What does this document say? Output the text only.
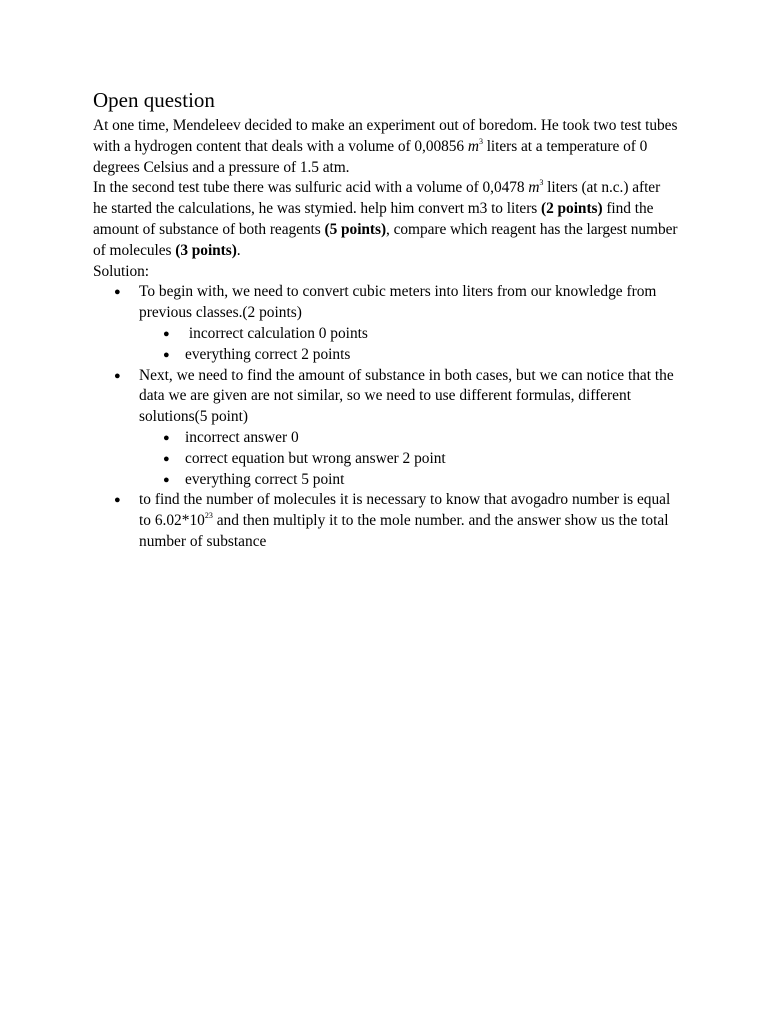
Open question

At one time, Mendeleev decided to make an experiment out of boredom. He took two test tubes with a hydrogen content that deals with a volume of 0,00856 $m^3$ liters at a temperature of 0 degrees Celsius and a pressure of 1.5 atm.

In the second test tube there was sulfuric acid with a volume of 0,0478 $m^3$ liters (at n.c.) after he started the calculations, he was stymied. help him convert m3 to liters (2 points) find the amount of substance of both reagents (5 points), compare which reagent has the largest number of molecules (3 points).

Solution:

● To begin with, we need to convert cubic meters into liters from our knowledge from previous classes.(2 points)
● incorrect calculation 0 points
● everything correct 2 points
● Next, we need to find the amount of substance in both cases, but we can notice that the data we are given are not similar, so we need to use different formulas, different solutions(5 point)
● incorrect answer 0
● correct equation but wrong answer 2 point
● everything correct 5 point
● to find the number of molecules it is necessary to know that avogadro number is equal to $6.02*10^{23}$ and then multiply it to the mole number. and the answer show us the total number of substance
